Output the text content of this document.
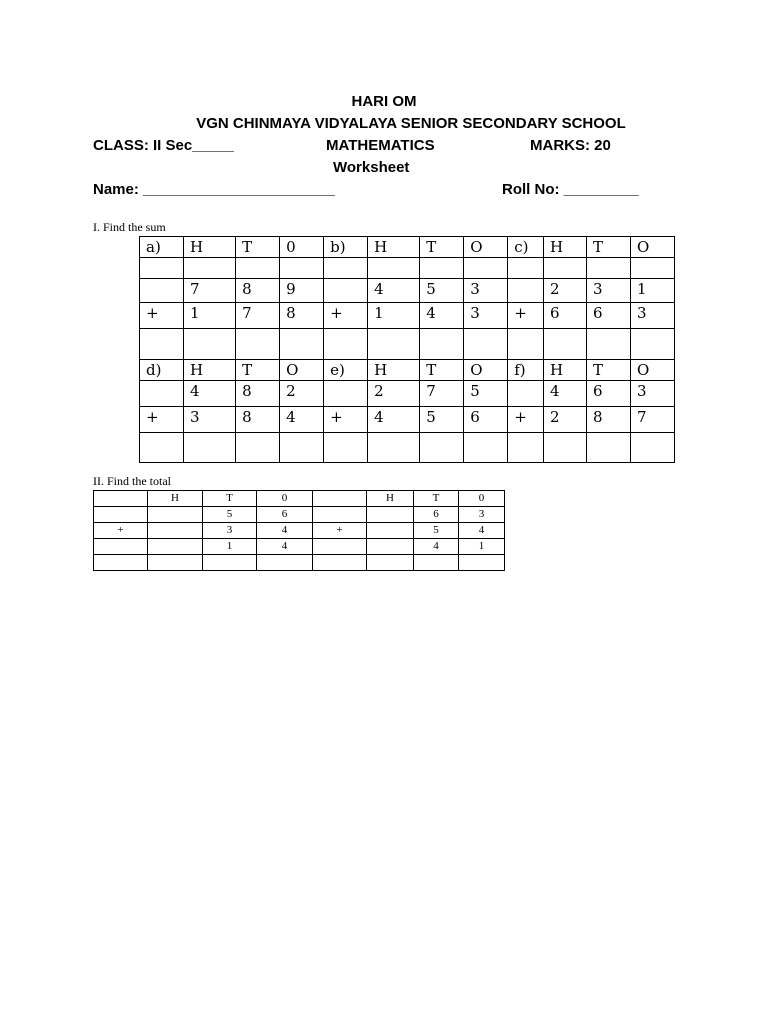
HARI OM
VGN CHINMAYA VIDYALAYA SENIOR SECONDARY SCHOOL
CLASS: II Sec_____	MATHEMATICS	MARKS: 20
Worksheet
Name: _______________________	Roll No: _________
I. Find the sum
a)	H	T	0	b)	H	T	O	c)	H	T	O

	7	8	9		4	5	3		2	3	1
+	1	7	8	+	1	4	3	+	6	6	3

d)	H	T	O	e)	H	T	O	f)	H	T	O
	4	8	2		2	7	5		4	6	3
+	3	8	4	+	4	5	6	+	2	8	7

II. Find the total
	H	T	0		H	T	0
		5	6			6	3
+		3	4	+		5	4
		1	4			4	1
